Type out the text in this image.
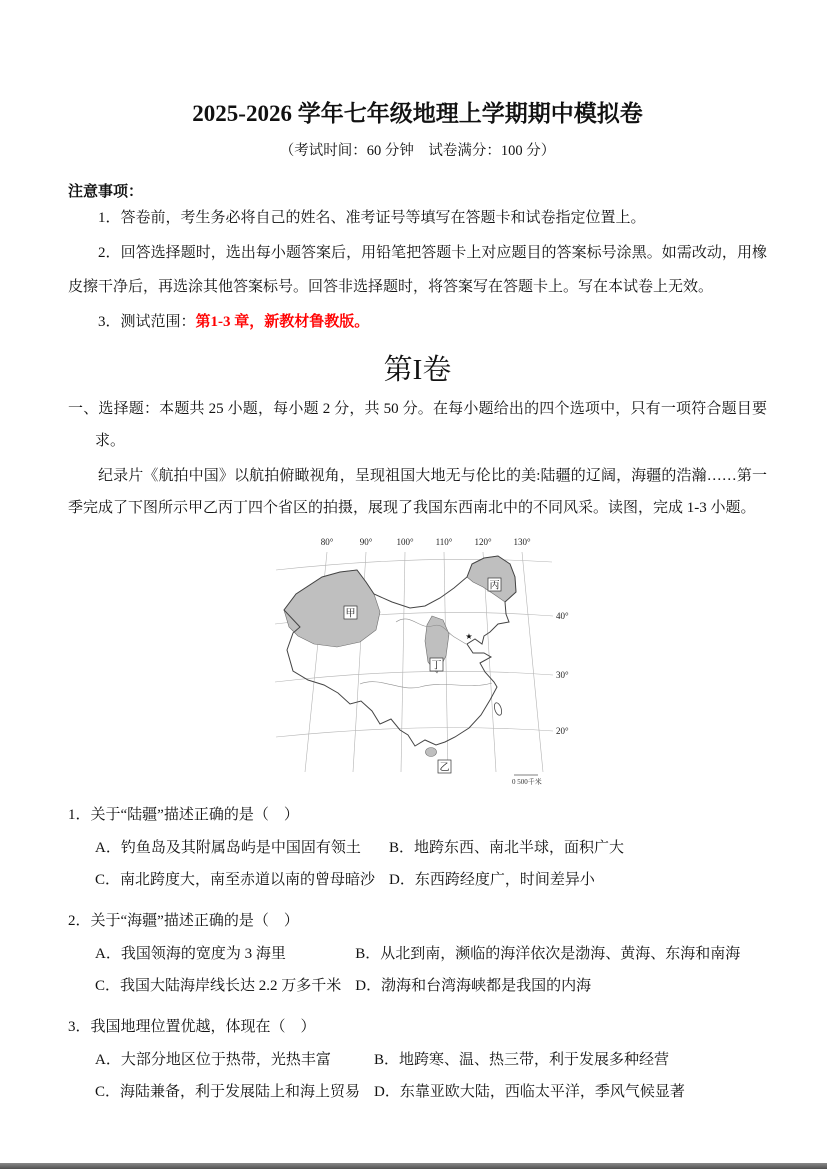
2025-2026 学年七年级地理上学期期中模拟卷
（考试时间：60 分钟　试卷满分：100 分）
注意事项：

1．答卷前，考生务必将自己的姓名、准考证号等填写在答题卡和试卷指定位置上。

2．回答选择题时，选出每小题答案后，用铅笔把答题卡上对应题目的答案标号涂黑。如需改动，用橡皮擦干净后，再选涂其他答案标号。回答非选择题时，将答案写在答题卡上。写在本试卷上无效。

3．测试范围：第1-3 章，新教材鲁教版。

第I卷

一、选择题：本题共 25 小题，每小题 2 分，共 50 分。在每小题给出的四个选项中，只有一项符合题目要求。

纪录片《航拍中国》以航拍俯瞰视角，呈现祖国大地无与伦比的美:陆疆的辽阔，海疆的浩瀚……第一季完成了下图所示甲乙丙丁四个省区的拍摄，展现了我国东西南北中的不同风采。读图，完成 1-3 小题。

★
甲
丙
丁
乙
80°	90°	100° 110° 120° 130°
40°
30°
20°
0 500千米

1．关于“陆疆”描述正确的是（　）

A．钓鱼岛及其附属岛屿是中国固有领土	B．地跨东西、南北半球，面积广大
C．南北跨度大，南至赤道以南的曾母暗沙 D．东西跨经度广，时间差异小

2．关于“海疆”描述正确的是（　）

A．我国领海的宽度为 3 海里	B．从北到南，濒临的海洋依次是渤海、黄海、东海和南海
C．我国大陆海岸线长达 2.2 万多千米 D．渤海和台湾海峡都是我国的内海

3．我国地理位置优越，体现在（　）

A．大部分地区位于热带，光热丰富	B．地跨寒、温、热三带，利于发展多种经营
C．海陆兼备，利于发展陆上和海上贸易 D．东靠亚欧大陆，西临太平洋，季风气候显著
